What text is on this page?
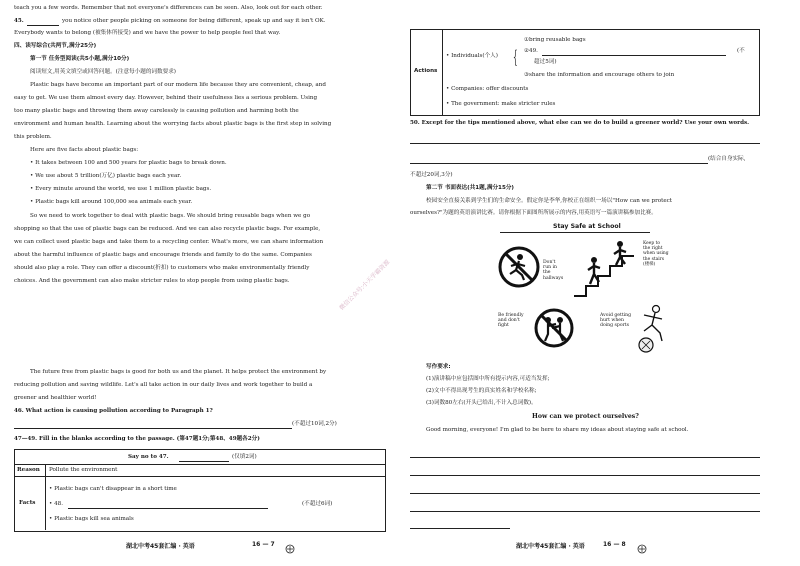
teach you a few words. Remember that not everyone's differences can be seen. Also, look out for each other.
45.	you notice other people picking on someone for being different, speak up and say it isn't OK.
Everybody wants to belong (被集体所接受) and we have the power to help people feel that way.
四、读写综合(共两节,满分25分)
第一节 任务型阅读(共5小题,满分10分)
阅读短文,用英文填空或回答问题。(注意每小题的词数要求)
Plastic bags have become an important part of our modern life because they are convenient, cheap, and
easy to get. We use them almost every day. However, behind their usefulness lies a serious problem. Using
too many plastic bags and throwing them away carelessly is causing pollution and harming both the
environment and human health. Learning about the worrying facts about plastic bags is the first step in solving
this problem.
Here are five facts about plastic bags:
• It takes between 100 and 500 years for plastic bags to break down.
• We use about 5 trillion(万亿) plastic bags each year.
• Every minute around the world, we use 1 million plastic bags.
• Plastic bags kill around 100,000 sea animals each year.
So we need to work together to deal with plastic bags. We should bring reusable bags when we go
shopping so that the use of plastic bags can be reduced. And we can also recycle plastic bags. For example,
we can collect used plastic bags and take them to a recycling center. What's more, we can share information
about the harmful influence of plastic bags and encourage friends and family to do the same. Companies
should also play a role. They can offer a discount(折扣) to customers who make environmentally friendly
choices. And the government can also make stricter rules to stop people from using plastic bags.
The future free from plastic bags is good for both us and the planet. It helps protect the environment by
reducing pollution and saving wildlife. Let's all take action in our daily lives and work together to build a
greener and healthier world!
46. What action is causing pollution according to Paragraph 1?
(不超过10词,2分)
47—49. Fill in the blanks according to the passage. (第47题1分;第48、49题各2分)
Say no to 47.	(仅填2词)
Reason Pollute the environment
Facts
• Plastic bags can't disappear in a short time
• 48.	(不超过6词)
• Plastic bags kill sea animals
湖北中考45套汇编 · 英语	16 — 7
Actions
• Individuals(个人) {
①bring reusable bags
②49.	(不
超过5词)
③share the information and encourage others to join
• Companies: offer discounts
• The government: make stricter rules
50. Except for the tips mentioned above, what else can we do to build a greener world? Use your own words.
(结合自身实际,
不超过20词,3分)
第二节 书面表达(共1题,满分15分)
校园安全直接关系到学生们的生命安全。假定你是李华,你校正在组织一场以"How can we protect
ourselves?"为题的英语演讲比赛。请你根据下面图所所展示的内容,用英语写一篇演讲稿参加比赛。
Stay Safe at School
Don't
run in
the
hallways
Keep to
the right
when using
the stairs
(楼梯)
Be friendly
and don't
fight
Avoid getting
hurt when
doing sports
写作要求:
(1)演讲稿中应包括图中所有提示内容,可适当发挥;
(2)文中不得出现考生的真实姓名和学校名称;
(3)词数80左右(开头已给出,不计入总词数)。
How can we protect ourselves?
Good morning, everyone! I'm glad to be here to share my ideas about staying safe at school.
湖北中考45套汇编 · 英语	16 — 8
微信公众号:小天学霸资源
